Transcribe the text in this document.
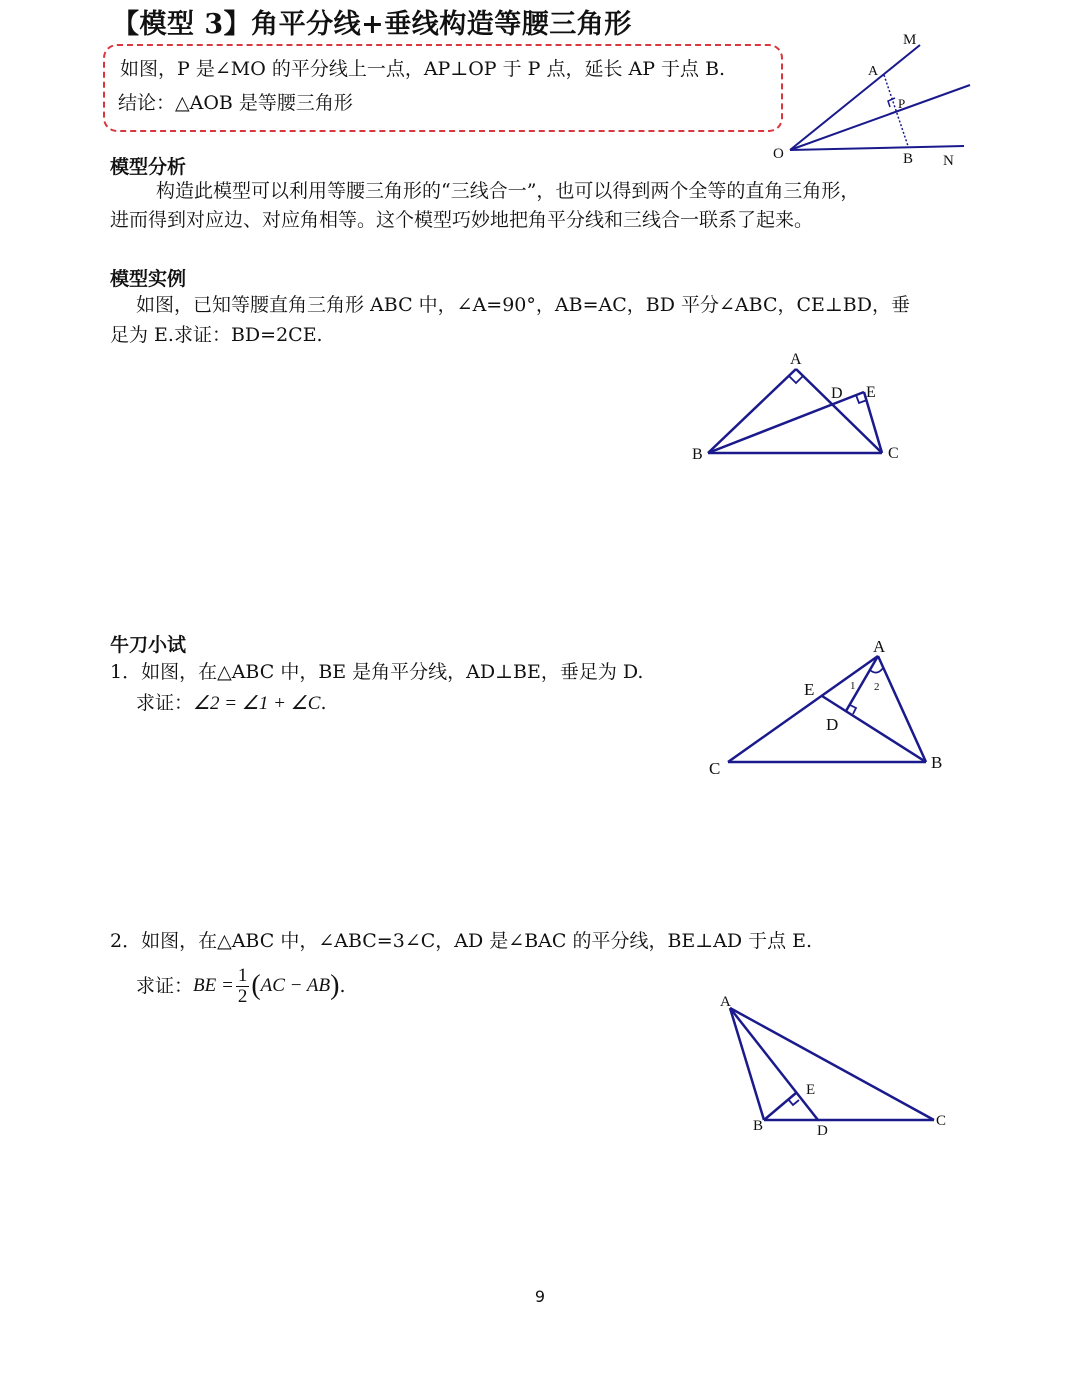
【模型 3】角平分线+垂线构造等腰三角形
如图，P 是∠MO 的平分线上一点，AP⊥OP 于 P 点，延长 AP 于点 B.
结论：△AOB 是等腰三角形
M
A
P
O	B N
模型分析
构造此模型可以利用等腰三角形的“三线合一”，也可以得到两个全等的直角三角形，
进而得到对应边、对应角相等。这个模型巧妙地把角平分线和三线合一联系了起来。
模型实例
如图，已知等腰直角三角形 ABC 中，∠A=90°，AB=AC，BD 平分∠ABC，CE⊥BD，垂
足为 E.求证：BD=2CE.
A
D E
B	C
牛刀小试
1．如图，在△ABC 中，BE 是角平分线，AD⊥BE，垂足为 D.
求证：∠2 = ∠1 + ∠C.
A
E
D
C	B
1 2
2．如图，在△ABC 中，∠ABC=3∠C，AD 是∠BAC 的平分线，BE⊥AD 于点 E.
求证：BE = $\frac{1}{2} (AC - AB)$.
A
E
B	D
C
9
